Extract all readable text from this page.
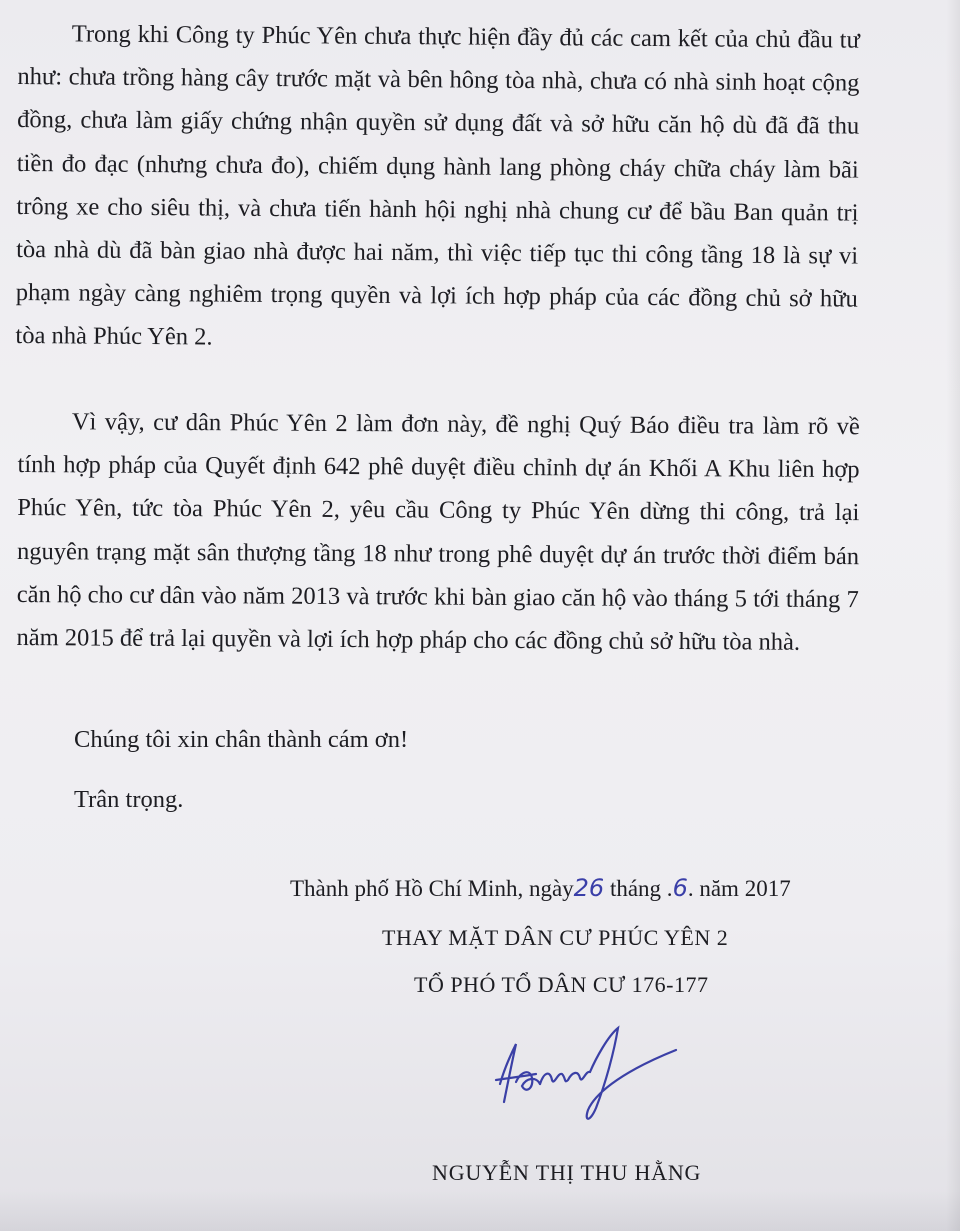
Trong khi Công ty Phúc Yên chưa thực hiện đầy đủ các cam kết của chủ đầu tư như: chưa trồng hàng cây trước mặt và bên hông tòa nhà, chưa có nhà sinh hoạt cộng đồng, chưa làm giấy chứng nhận quyền sử dụng đất và sở hữu căn hộ dù đã đã thu tiền đo đạc (nhưng chưa đo), chiếm dụng hành lang phòng cháy chữa cháy làm bãi trông xe cho siêu thị, và chưa tiến hành hội nghị nhà chung cư để bầu Ban quản trị tòa nhà dù đã bàn giao nhà được hai năm, thì việc tiếp tục thi công tầng 18 là sự vi phạm ngày càng nghiêm trọng quyền và lợi ích hợp pháp của các đồng chủ sở hữu tòa nhà Phúc Yên 2.

Vì vậy, cư dân Phúc Yên 2 làm đơn này, đề nghị Quý Báo điều tra làm rõ về tính hợp pháp của Quyết định 642 phê duyệt điều chỉnh dự án Khối A Khu liên hợp Phúc Yên, tức tòa Phúc Yên 2, yêu cầu Công ty Phúc Yên dừng thi công, trả lại nguyên trạng mặt sân thượng tầng 18 như trong phê duyệt dự án trước thời điểm bán căn hộ cho cư dân vào năm 2013 và trước khi bàn giao căn hộ vào tháng 5 tới tháng 7 năm 2015 để trả lại quyền và lợi ích hợp pháp cho các đồng chủ sở hữu tòa nhà.

Chúng tôi xin chân thành cám ơn!

Trân trọng.

Thành phố Hồ Chí Minh, ngày26 tháng .6. năm 2017

THAY MẶT DÂN CƯ PHÚC YÊN 2

TỔ PHÓ TỔ DÂN CƯ 176-177

NGUYỄN THỊ THU HẰNG
